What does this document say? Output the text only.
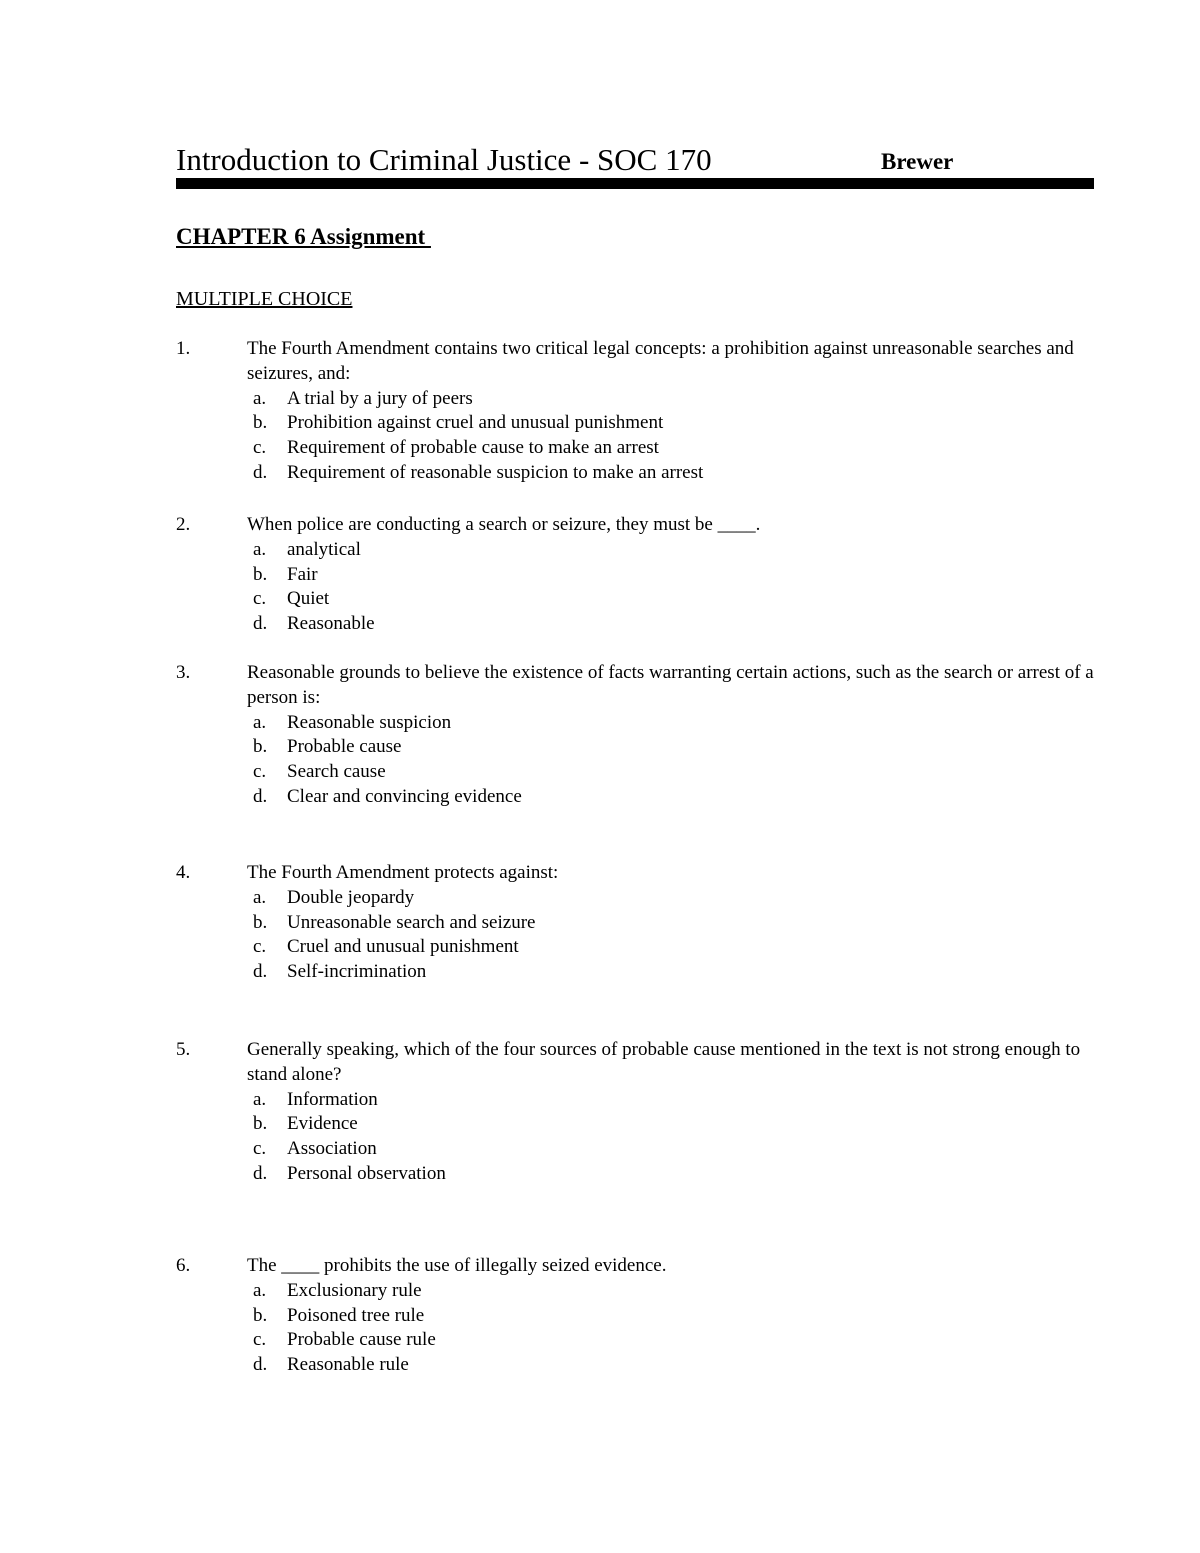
Introduction to Criminal Justice - SOC 170	Brewer
CHAPTER 6 Assignment
MULTIPLE CHOICE
1.	The Fourth Amendment contains two critical legal concepts: a prohibition against unreasonable searches and seizures, and:
a. A trial by a jury of peers
b. Prohibition against cruel and unusual punishment
c. Requirement of probable cause to make an arrest
d. Requirement of reasonable suspicion to make an arrest
2.	When police are conducting a search or seizure, they must be ____.
a. analytical
b. Fair
c. Quiet
d. Reasonable
3.	Reasonable grounds to believe the existence of facts warranting certain actions, such as the search or arrest of a person is:
a. Reasonable suspicion
b. Probable cause
c. Search cause
d. Clear and convincing evidence
4.	The Fourth Amendment protects against:
a. Double jeopardy
b. Unreasonable search and seizure
c. Cruel and unusual punishment
d. Self-incrimination
5.	Generally speaking, which of the four sources of probable cause mentioned in the text is not strong enough to stand alone?
a. Information
b. Evidence
c. Association
d. Personal observation
6.	The ____ prohibits the use of illegally seized evidence.
a. Exclusionary rule
b. Poisoned tree rule
c. Probable cause rule
d. Reasonable rule
